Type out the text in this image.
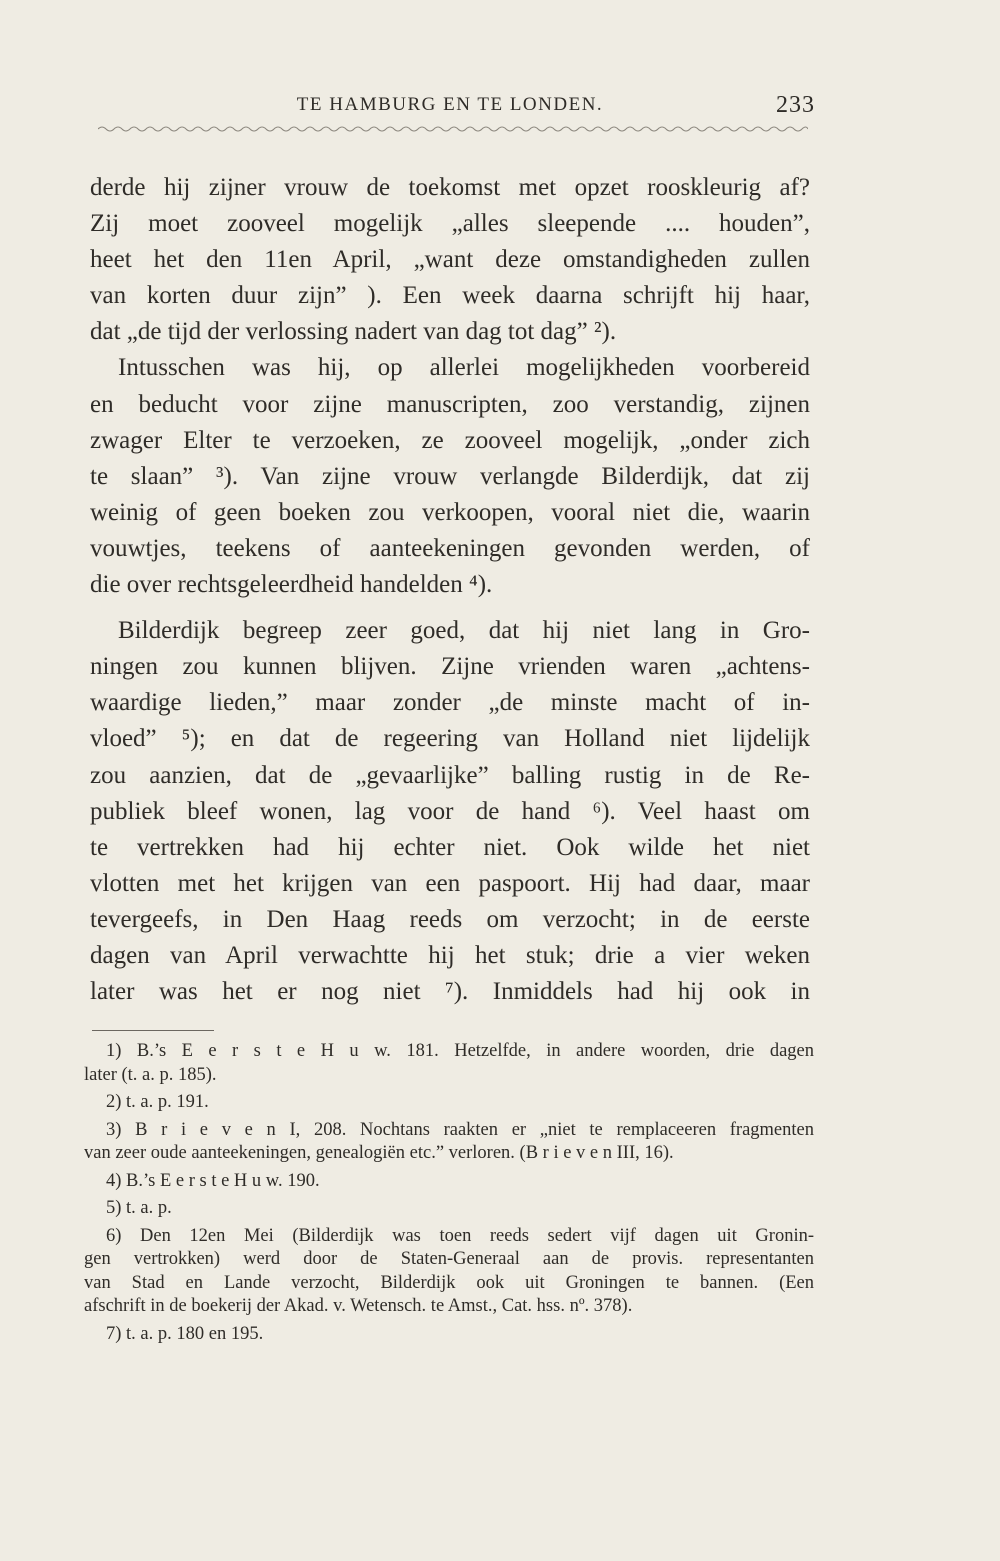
TE HAMBURG EN TE LONDEN.	233
derde hij zijner vrouw de toekomst met opzet rooskleurig af?
Zij moet zooveel mogelijk „alles sleepende .... houden”,
heet het den 11en April, „want deze omstandigheden zullen
van korten duur zijn” ). Een week daarna schrijft hij haar,
dat „de tijd der verlossing nadert van dag tot dag” ²).
Intusschen was hij, op allerlei mogelijkheden voorbereid
en beducht voor zijne manuscripten, zoo verstandig, zijnen
zwager Elter te verzoeken, ze zooveel mogelijk, „onder zich
te slaan” ³). Van zijne vrouw verlangde Bilderdijk, dat zij
weinig of geen boeken zou verkoopen, vooral niet die, waarin
vouwtjes, teekens of aanteekeningen gevonden werden, of
die over rechtsgeleerdheid handelden ⁴).
Bilderdijk begreep zeer goed, dat hij niet lang in Gro-
ningen zou kunnen blijven. Zijne vrienden waren „achtens-
waardige lieden,” maar zonder „de minste macht of in-
vloed” ⁵); en dat de regeering van Holland niet lijdelijk
zou aanzien, dat de „gevaarlijke” balling rustig in de Re-
publiek bleef wonen, lag voor de hand ⁶). Veel haast om
te vertrekken had hij echter niet. Ook wilde het niet
vlotten met het krijgen van een paspoort. Hij had daar, maar
tevergeefs, in Den Haag reeds om verzocht; in de eerste
dagen van April verwachtte hij het stuk; drie a vier weken
later was het er nog niet ⁷). Inmiddels had hij ook in
1) B.’s E e r s t e H u w. 181. Hetzelfde, in andere woorden, drie dagen
later (t. a. p. 185).
2) t. a. p. 191.
3) B r i e v e n I, 208. Nochtans raakten er „niet te remplaceeren fragmenten
van zeer oude aanteekeningen, genealogiën etc.” verloren. (B r i e v e n III, 16).
4) B.’s E e r s t e H u w. 190.
5) t. a. p.
6) Den 12en Mei (Bilderdijk was toen reeds sedert vijf dagen uit Gronin-
gen vertrokken) werd door de Staten-Generaal aan de provis. representanten
van Stad en Lande verzocht, Bilderdijk ook uit Groningen te bannen. (Een
afschrift in de boekerij der Akad. v. Wetensch. te Amst., Cat. hss. nº. 378).
7) t. a. p. 180 en 195.
